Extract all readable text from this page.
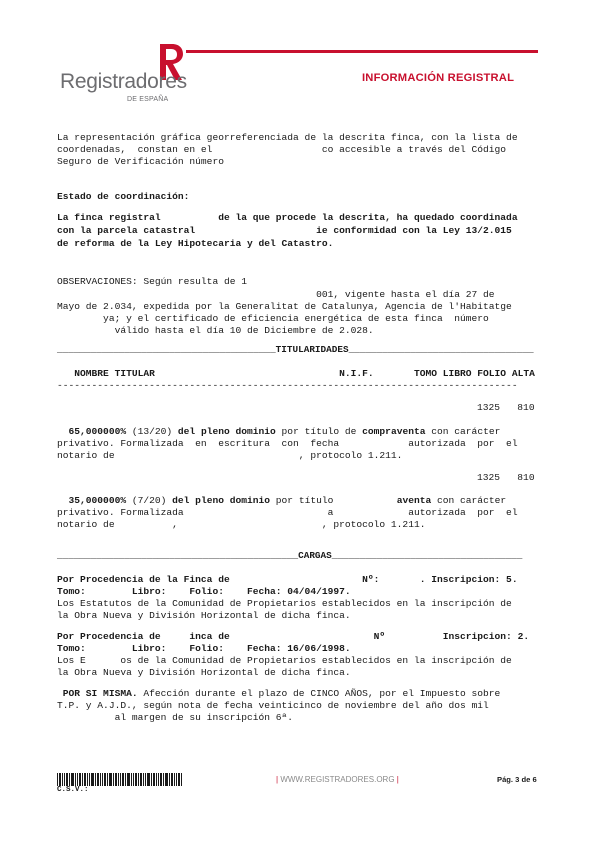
Registradores
DE ESPAÑA
INFORMACIÓN REGISTRAL
La representación gráfica georreferenciada de la descrita finca, con la lista de
coordenadas,  constan en el                   co accesible a través del Código
Seguro de Verificación número
Estado de coordinación:
La finca registral          de la que procede la descrita, ha quedado coordinada
con la parcela catastral                     ie conformidad con la Ley 13/2.015
de reforma de la Ley Hipotecaria y del Catastro.
OBSERVACIONES: Según resulta de 1
001, vigente hasta el día 27 de
Mayo de 2.034, expedida por la Generalitat de Catalunya, Agencia de l'Habitatge
ya; y el certificado de eficiencia energética de esta finca  número
válido hasta el día 10 de Diciembre de 2.028.
_______________________________________TITULARIDADES_________________________________
NOMBRE TITULAR                                N.I.F.       TOMO LIBRO FOLIO ALTA
--------------------------------------------------------------------------------
1325   810
65,000000% (13/20) del pleno dominio por título de compraventa con carácter
privativo. Formalizada  en  escritura  con  fecha            autorizada  por  el
notario de                                , protocolo 1.211.
1325   810
35,000000% (7/20) del pleno dominio por título           aventa con carácter
privativo. Formalizada                         a             autorizada  por  el
notario de          ,                         , protocolo 1.211.
___________________________________________CARGAS__________________________________
Por Procedencia de la Finca de                       Nº:       . Inscripcion: 5.
Tomo:        Libro:    Folio:    Fecha: 04/04/1997.
Los Estatutos de la Comunidad de Propietarios establecidos en la inscripción de
la Obra Nueva y División Horizontal de dicha finca.
Por Procedencia de     inca de                         Nº          Inscripcion: 2.
Tomo:        Libro:    Folio:    Fecha: 16/06/1998.
Los E      os de la Comunidad de Propietarios establecidos en la inscripción de
la Obra Nueva y División Horizontal de dicha finca.
POR SI MISMA. Afección durante el plazo de CINCO AÑOS, por el Impuesto sobre
T.P. y A.J.D., según nota de fecha veinticinco de noviembre del año dos mil
al margen de su inscripción 6ª.
C.S.V.:
| WWW.REGISTRADORES.ORG |	Pág. 3 de 6
